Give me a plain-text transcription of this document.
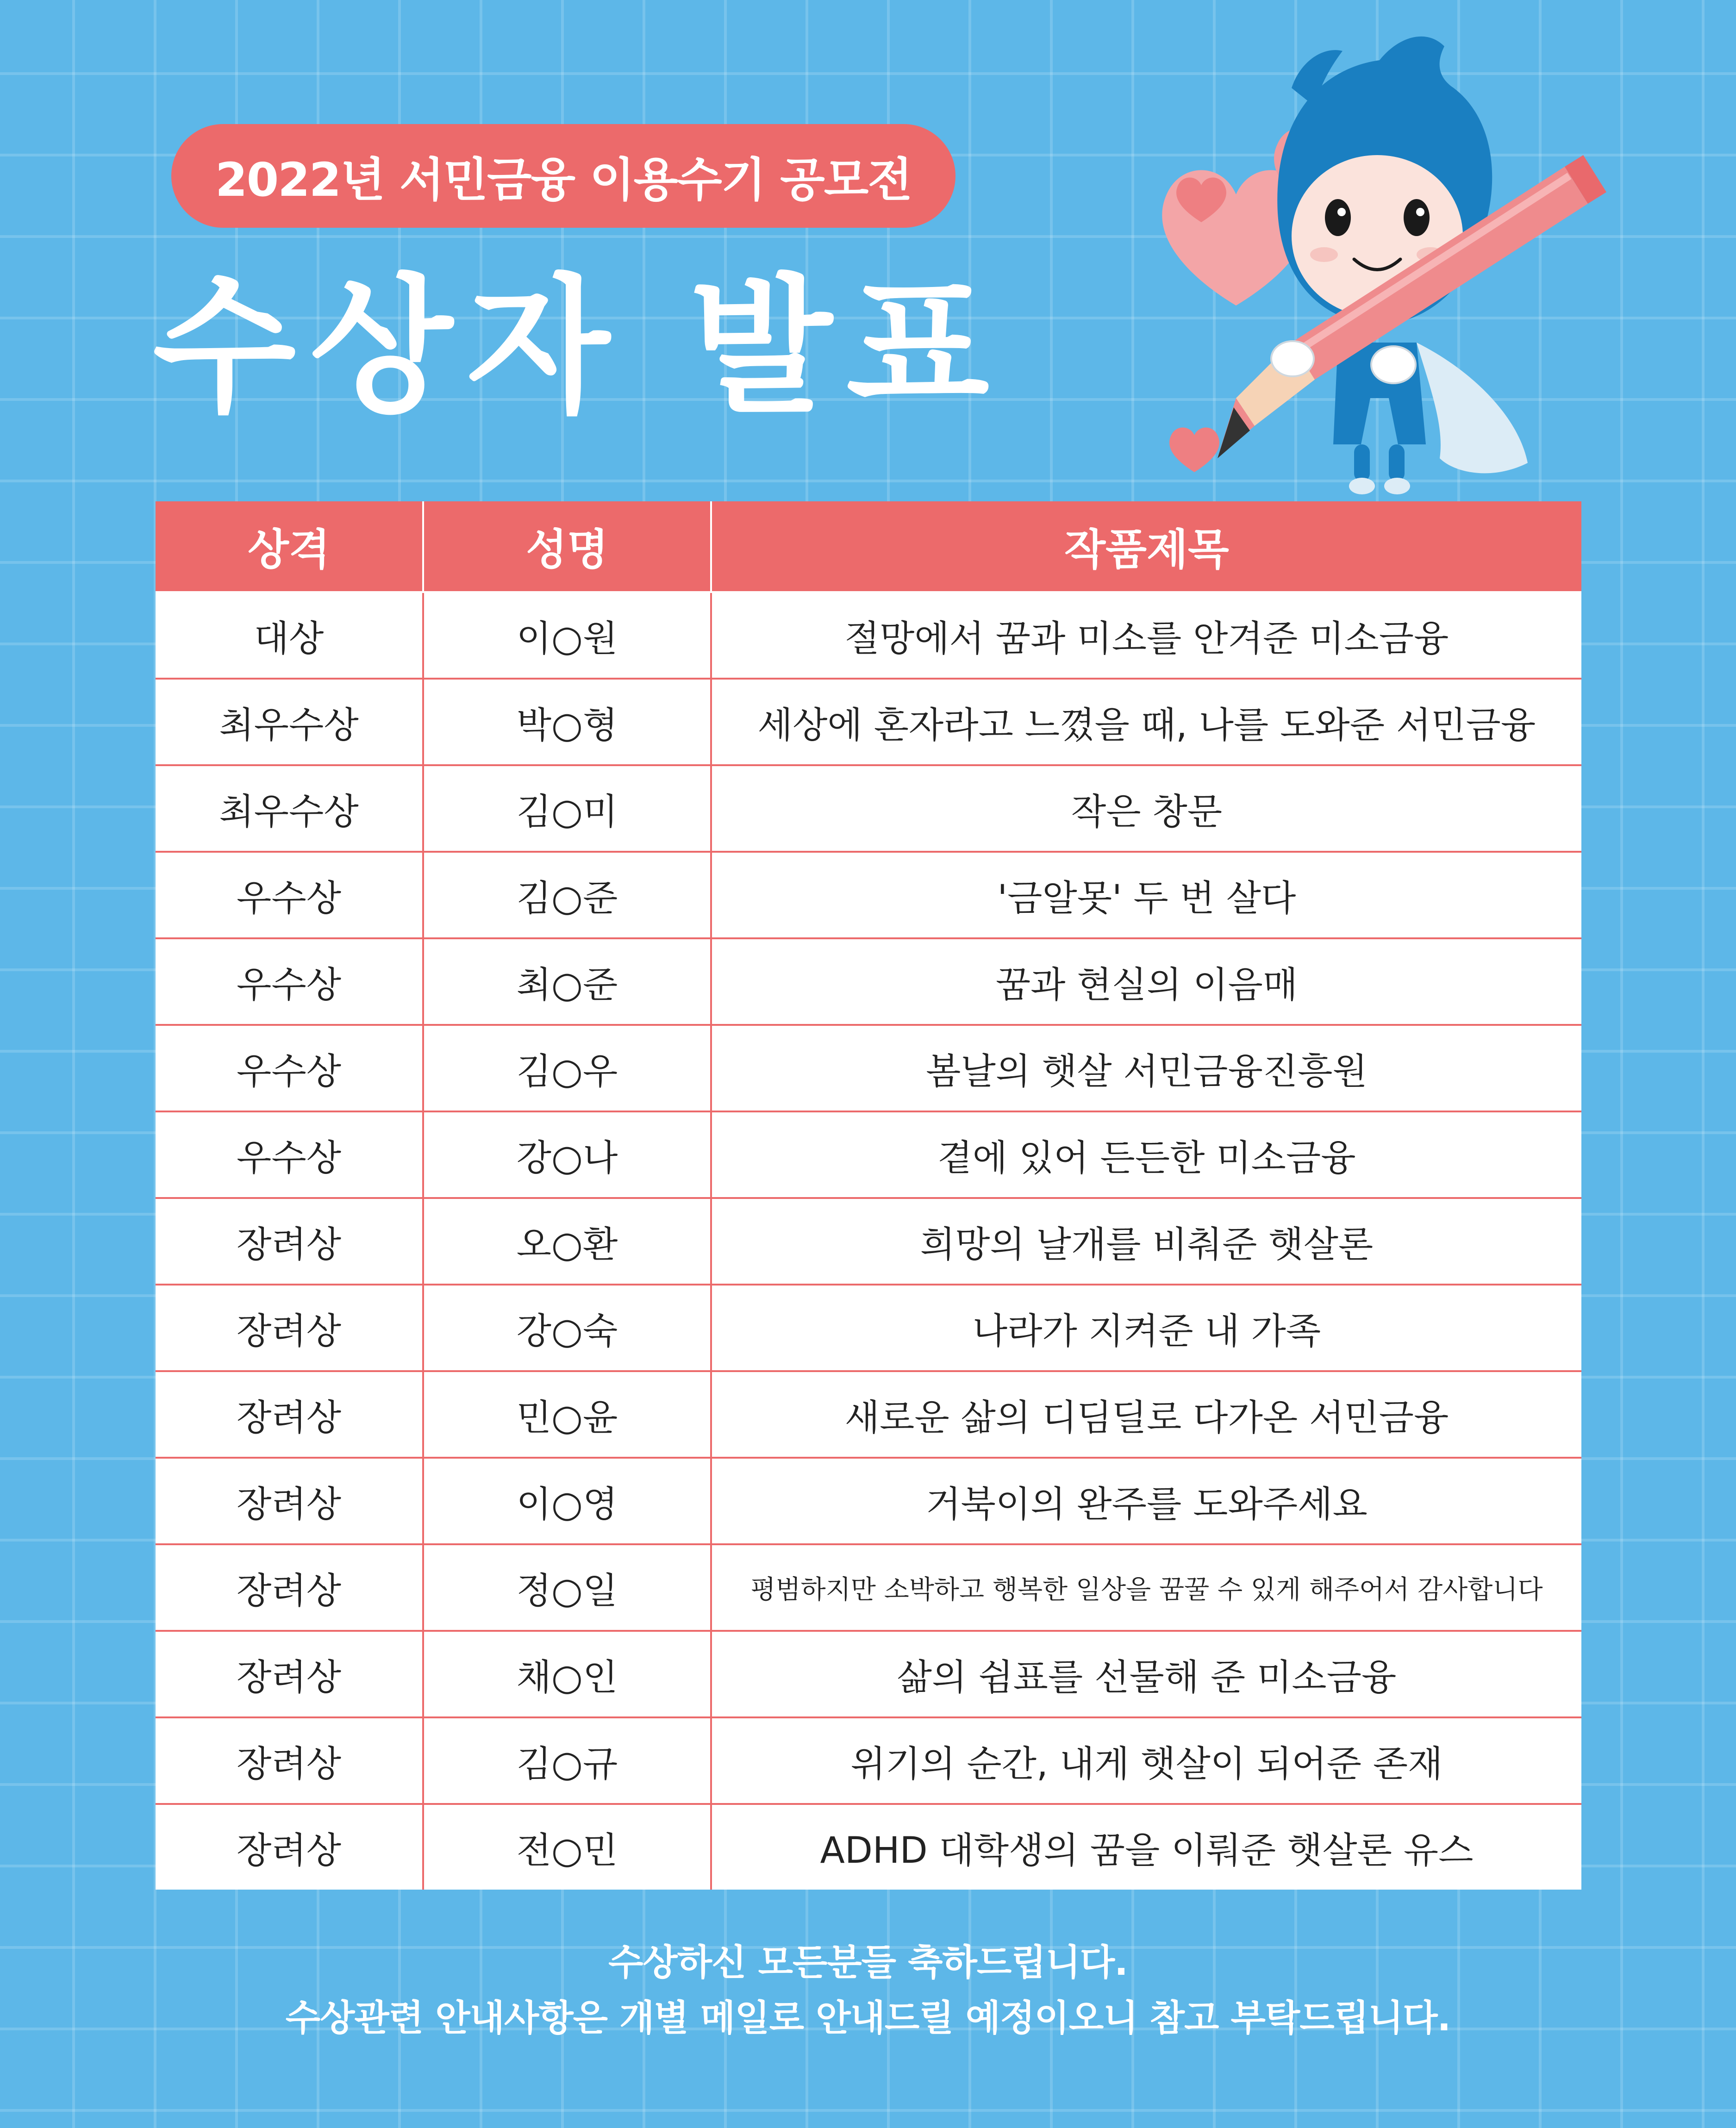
2022년 서민금융 이용수기 공모전
수상자 발표
상격	성명	작품제목
대상	이○원	절망에서 꿈과 미소를 안겨준 미소금융
최우수상	박○형	세상에 혼자라고 느꼈을 때, 나를 도와준 서민금융
최우수상	김○미	작은 창문
우수상	김○준	'금알못' 두 번 살다
우수상	최○준	꿈과 현실의 이음매
우수상	김○우	봄날의 햇살 서민금융진흥원
우수상	강○나	곁에 있어 든든한 미소금융
장려상	오○환	희망의 날개를 비춰준 햇살론
장려상	강○숙	나라가 지켜준 내 가족
장려상	민○윤	새로운 삶의 디딤딜로 다가온 서민금융
장려상	이○영	거북이의 완주를 도와주세요
장려상	정○일	평범하지만 소박하고 행복한 일상을 꿈꿀 수 있게 해주어서 감사합니다
장려상	채○인	삶의 쉼표를 선물해 준 미소금융
장려상	김○규	위기의 순간, 내게 햇살이 되어준 존재
장려상	전○민	ADHD 대학생의 꿈을 이뤄준 햇살론 유스
수상하신 모든분들 축하드립니다.
수상관련 안내사항은 개별 메일로 안내드릴 예정이오니 참고 부탁드립니다.
